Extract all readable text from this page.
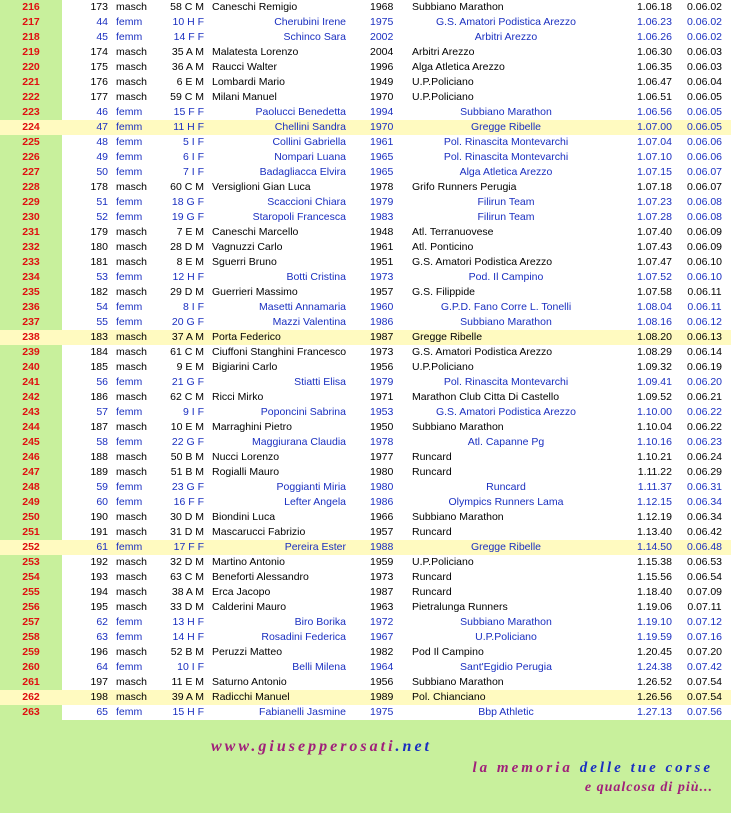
216	173	masch	58 C M	Caneschi Remigio	1968	Subbiano Marathon	1.06.18	0.06.02
217	44	femm	10 H F	Cherubini Irene	1975	G.S. Amatori Podistica Arezzo	1.06.23	0.06.02
218	45	femm	14 F F	Schinco Sara	2002	Arbitri Arezzo	1.06.26	0.06.02
219	174	masch	35 A M	Malatesta Lorenzo	2004	Arbitri Arezzo	1.06.30	0.06.03
220	175	masch	36 A M	Raucci Walter	1996	Alga Atletica Arezzo	1.06.35	0.06.03
221	176	masch	6 E M	Lombardi Mario	1949	U.P.Policiano	1.06.47	0.06.04
222	177	masch	59 C M	Milani Manuel	1970	U.P.Policiano	1.06.51	0.06.05
223	46	femm	15 F F	Paolucci Benedetta	1994	Subbiano Marathon	1.06.56	0.06.05
224	47	femm	11 H F	Chellini Sandra	1970	Gregge Ribelle	1.07.00	0.06.05
225	48	femm	5 I F	Collini Gabriella	1961	Pol. Rinascita Montevarchi	1.07.04	0.06.06
226	49	femm	6 I F	Nompari Luana	1965	Pol. Rinascita Montevarchi	1.07.10	0.06.06
227	50	femm	7 I F	Badagliacca Elvira	1965	Alga Atletica Arezzo	1.07.15	0.06.07
228	178	masch	60 C M	Versiglioni Gian Luca	1978	Grifo Runners Perugia	1.07.18	0.06.07
229	51	femm	18 G F	Scaccioni Chiara	1979	Filirun Team	1.07.23	0.06.08
230	52	femm	19 G F	Staropoli Francesca	1983	Filirun Team	1.07.28	0.06.08
231	179	masch	7 E M	Caneschi Marcello	1948	Atl. Terranuovese	1.07.40	0.06.09
232	180	masch	28 D M	Vagnuzzi Carlo	1961	Atl. Ponticino	1.07.43	0.06.09
233	181	masch	8 E M	Sguerri Bruno	1951	G.S. Amatori Podistica Arezzo	1.07.47	0.06.10
234	53	femm	12 H F	Botti Cristina	1973	Pod. Il Campino	1.07.52	0.06.10
235	182	masch	29 D M	Guerrieri Massimo	1957	G.S. Filippide	1.07.58	0.06.11
236	54	femm	8 I F	Masetti Annamaria	1960	G.P.D. Fano Corre L. Tonelli	1.08.04	0.06.11
237	55	femm	20 G F	Mazzi Valentina	1986	Subbiano Marathon	1.08.16	0.06.12
238	183	masch	37 A M	Porta Federico	1987	Gregge Ribelle	1.08.20	0.06.13
239	184	masch	61 C M	Ciuffoni Stanghini Francesco	1973	G.S. Amatori Podistica Arezzo	1.08.29	0.06.14
240	185	masch	9 E M	Bigiarini Carlo	1956	U.P.Policiano	1.09.32	0.06.19
241	56	femm	21 G F	Stiatti Elisa	1979	Pol. Rinascita Montevarchi	1.09.41	0.06.20
242	186	masch	62 C M	Ricci Mirko	1971	Marathon Club Citta Di Castello	1.09.52	0.06.21
243	57	femm	9 I F	Poponcini Sabrina	1953	G.S. Amatori Podistica Arezzo	1.10.00	0.06.22
244	187	masch	10 E M	Marraghini Pietro	1950	Subbiano Marathon	1.10.04	0.06.22
245	58	femm	22 G F	Maggiurana Claudia	1978	Atl. Capanne Pg	1.10.16	0.06.23
246	188	masch	50 B M	Nucci Lorenzo	1977	Runcard	1.10.21	0.06.24
247	189	masch	51 B M	Rogialli Mauro	1980	Runcard	1.11.22	0.06.29
248	59	femm	23 G F	Poggianti Miria	1980	Runcard	1.11.37	0.06.31
249	60	femm	16 F F	Lefter Angela	1986	Olympics Runners Lama	1.12.15	0.06.34
250	190	masch	30 D M	Biondini Luca	1966	Subbiano Marathon	1.12.19	0.06.34
251	191	masch	31 D M	Mascarucci Fabrizio	1957	Runcard	1.13.40	0.06.42
252	61	femm	17 F F	Pereira Ester	1988	Gregge Ribelle	1.14.50	0.06.48
253	192	masch	32 D M	Martino Antonio	1959	U.P.Policiano	1.15.38	0.06.53
254	193	masch	63 C M	Beneforti Alessandro	1973	Runcard	1.15.56	0.06.54
255	194	masch	38 A M	Erca Jacopo	1987	Runcard	1.18.40	0.07.09
256	195	masch	33 D M	Calderini Mauro	1963	Pietralunga Runners	1.19.06	0.07.11
257	62	femm	13 H F	Biro Borika	1972	Subbiano Marathon	1.19.10	0.07.12
258	63	femm	14 H F	Rosadini Federica	1967	U.P.Policiano	1.19.59	0.07.16
259	196	masch	52 B M	Peruzzi Matteo	1982	Pod Il Campino	1.20.45	0.07.20
260	64	femm	10 I F	Belli Milena	1964	Sant'Egidio Perugia	1.24.38	0.07.42
261	197	masch	11 E M	Saturno Antonio	1956	Subbiano Marathon	1.26.52	0.07.54
262	198	masch	39 A M	Radicchi Manuel	1989	Pol. Chianciano	1.26.56	0.07.54
263	65	femm	15 H F	Fabianelli Jasmine	1975	Bbp Athletic	1.27.13	0.07.56
www.giusepperosati.net
la memoria delle tue corse
e qualcosa di più...
